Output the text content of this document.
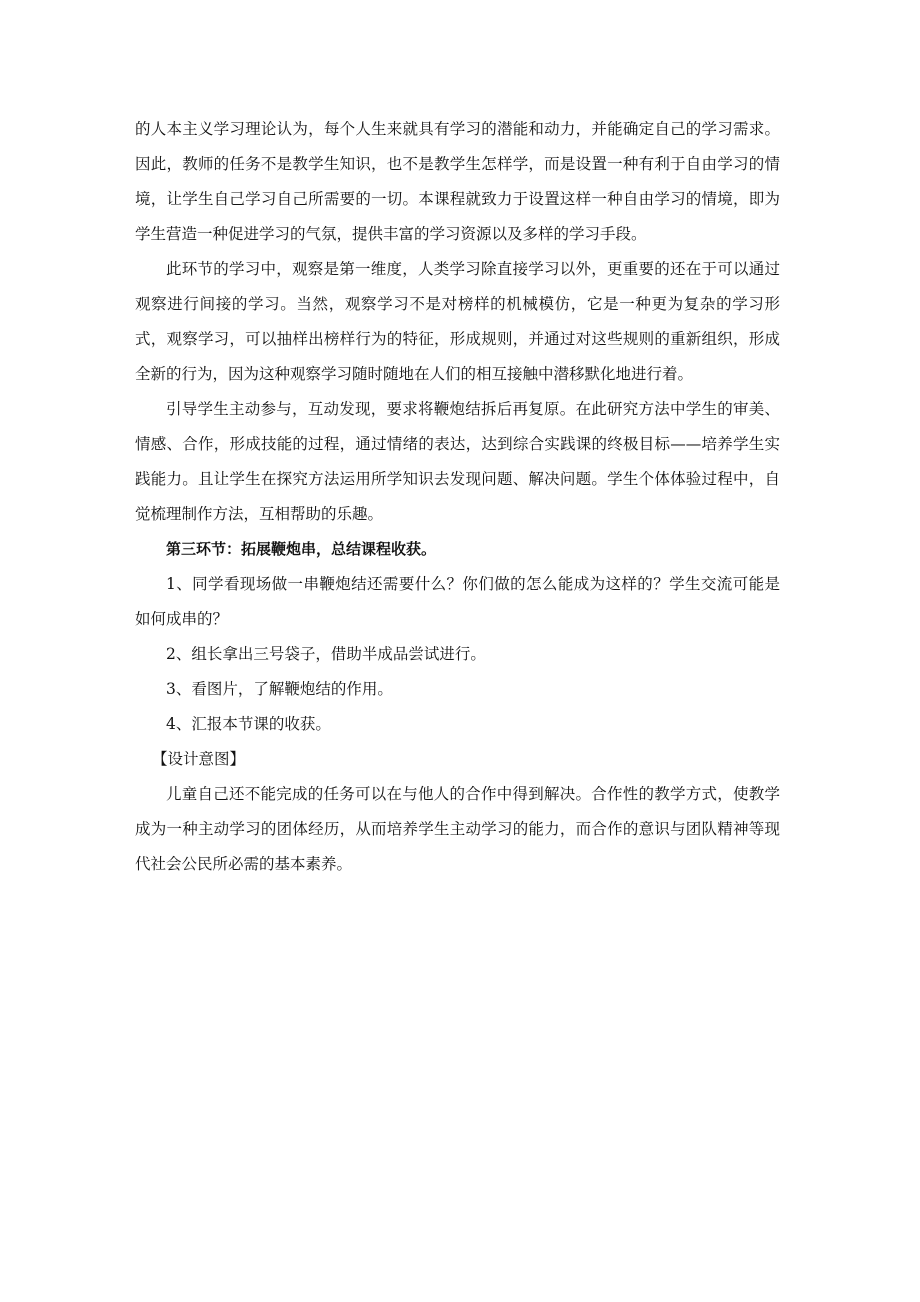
的人本主义学习理论认为，每个人生来就具有学习的潜能和动力，并能确定自己的学习需求。因此，教师的任务不是教学生知识，也不是教学生怎样学，而是设置一种有利于自由学习的情境，让学生自己学习自己所需要的一切。本课程就致力于设置这样一种自由学习的情境，即为学生营造一种促进学习的气氛，提供丰富的学习资源以及多样的学习手段。

此环节的学习中，观察是第一维度，人类学习除直接学习以外，更重要的还在于可以通过观察进行间接的学习。当然，观察学习不是对榜样的机械模仿，它是一种更为复杂的学习形式，观察学习，可以抽样出榜样行为的特征，形成规则，并通过对这些规则的重新组织，形成全新的行为，因为这种观察学习随时随地在人们的相互接触中潜移默化地进行着。

引导学生主动参与，互动发现，要求将鞭炮结拆后再复原。在此研究方法中学生的审美、情感、合作，形成技能的过程，通过情绪的表达，达到综合实践课的终极目标——培养学生实践能力。且让学生在探究方法运用所学知识去发现问题、解决问题。学生个体体验过程中，自觉梳理制作方法，互相帮助的乐趣。

第三环节：拓展鞭炮串，总结课程收获。

1、同学看现场做一串鞭炮结还需要什么？你们做的怎么能成为这样的？学生交流可能是如何成串的？

2、组长拿出三号袋子，借助半成品尝试进行。

3、看图片，了解鞭炮结的作用。

4、汇报本节课的收获。

【设计意图】

儿童自己还不能完成的任务可以在与他人的合作中得到解决。合作性的教学方式，使教学成为一种主动学习的团体经历，从而培养学生主动学习的能力，而合作的意识与团队精神等现代社会公民所必需的基本素养。
